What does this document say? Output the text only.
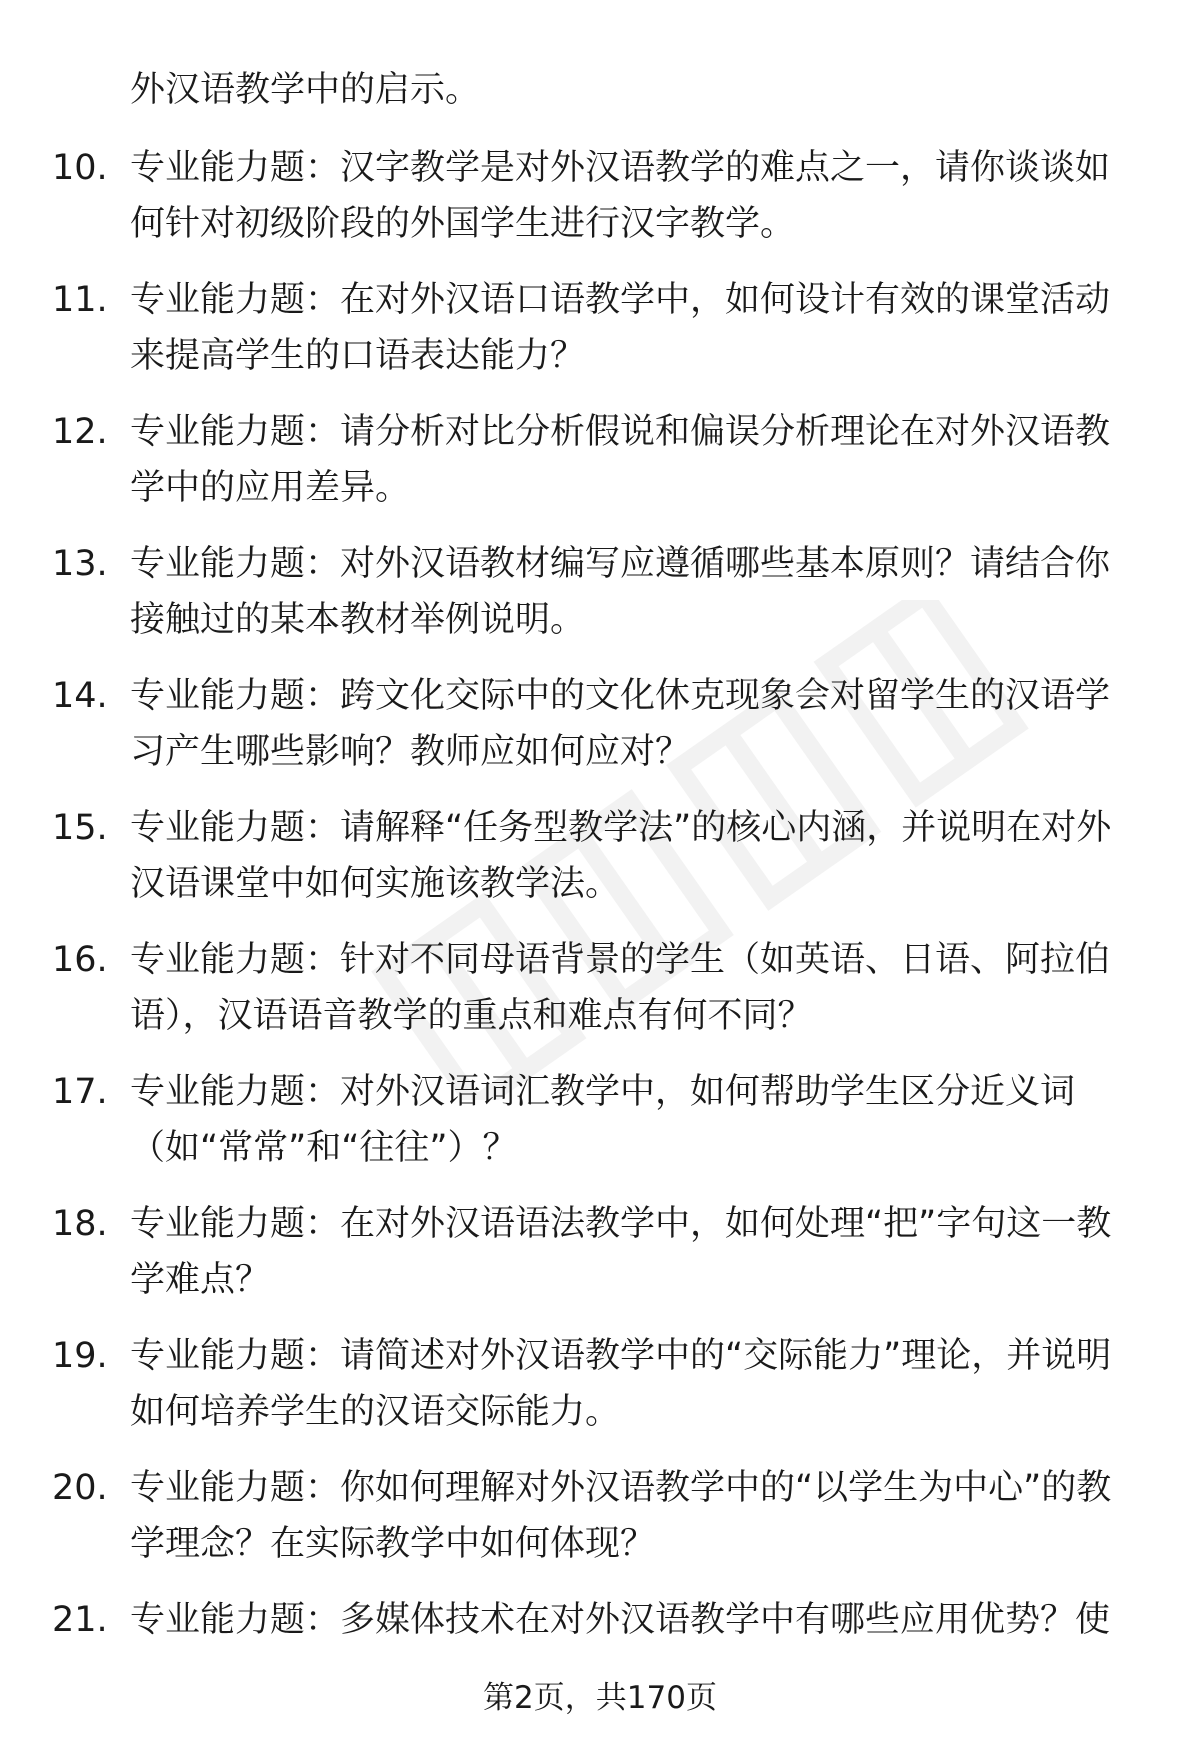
外汉语教学中的启示。

10. 专业能力题：汉字教学是对外汉语教学的难点之一，请你谈谈如何针对初级阶段的外国学生进行汉字教学。
11. 专业能力题：在对外汉语口语教学中，如何设计有效的课堂活动来提高学生的口语表达能力？
12. 专业能力题：请分析对比分析假说和偏误分析理论在对外汉语教学中的应用差异。
13. 专业能力题：对外汉语教材编写应遵循哪些基本原则？请结合你接触过的某本教材举例说明。
14. 专业能力题：跨文化交际中的文化休克现象会对留学生的汉语学习产生哪些影响？教师应如何应对？
15. 专业能力题：请解释“任务型教学法”的核心内涵，并说明在对外汉语课堂中如何实施该教学法。
16. 专业能力题：针对不同母语背景的学生（如英语、日语、阿拉伯语），汉语语音教学的重点和难点有何不同？
17. 专业能力题：对外汉语词汇教学中，如何帮助学生区分近义词（如“常常”和“往往”）？
18. 专业能力题：在对外汉语语法教学中，如何处理“把”字句这一教学难点？
19. 专业能力题：请简述对外汉语教学中的“交际能力”理论，并说明如何培养学生的汉语交际能力。
20. 专业能力题：你如何理解对外汉语教学中的“以学生为中心”的教学理念？在实际教学中如何体现？
21. 专业能力题：多媒体技术在对外汉语教学中有哪些应用优势？使
第2页，共170页
